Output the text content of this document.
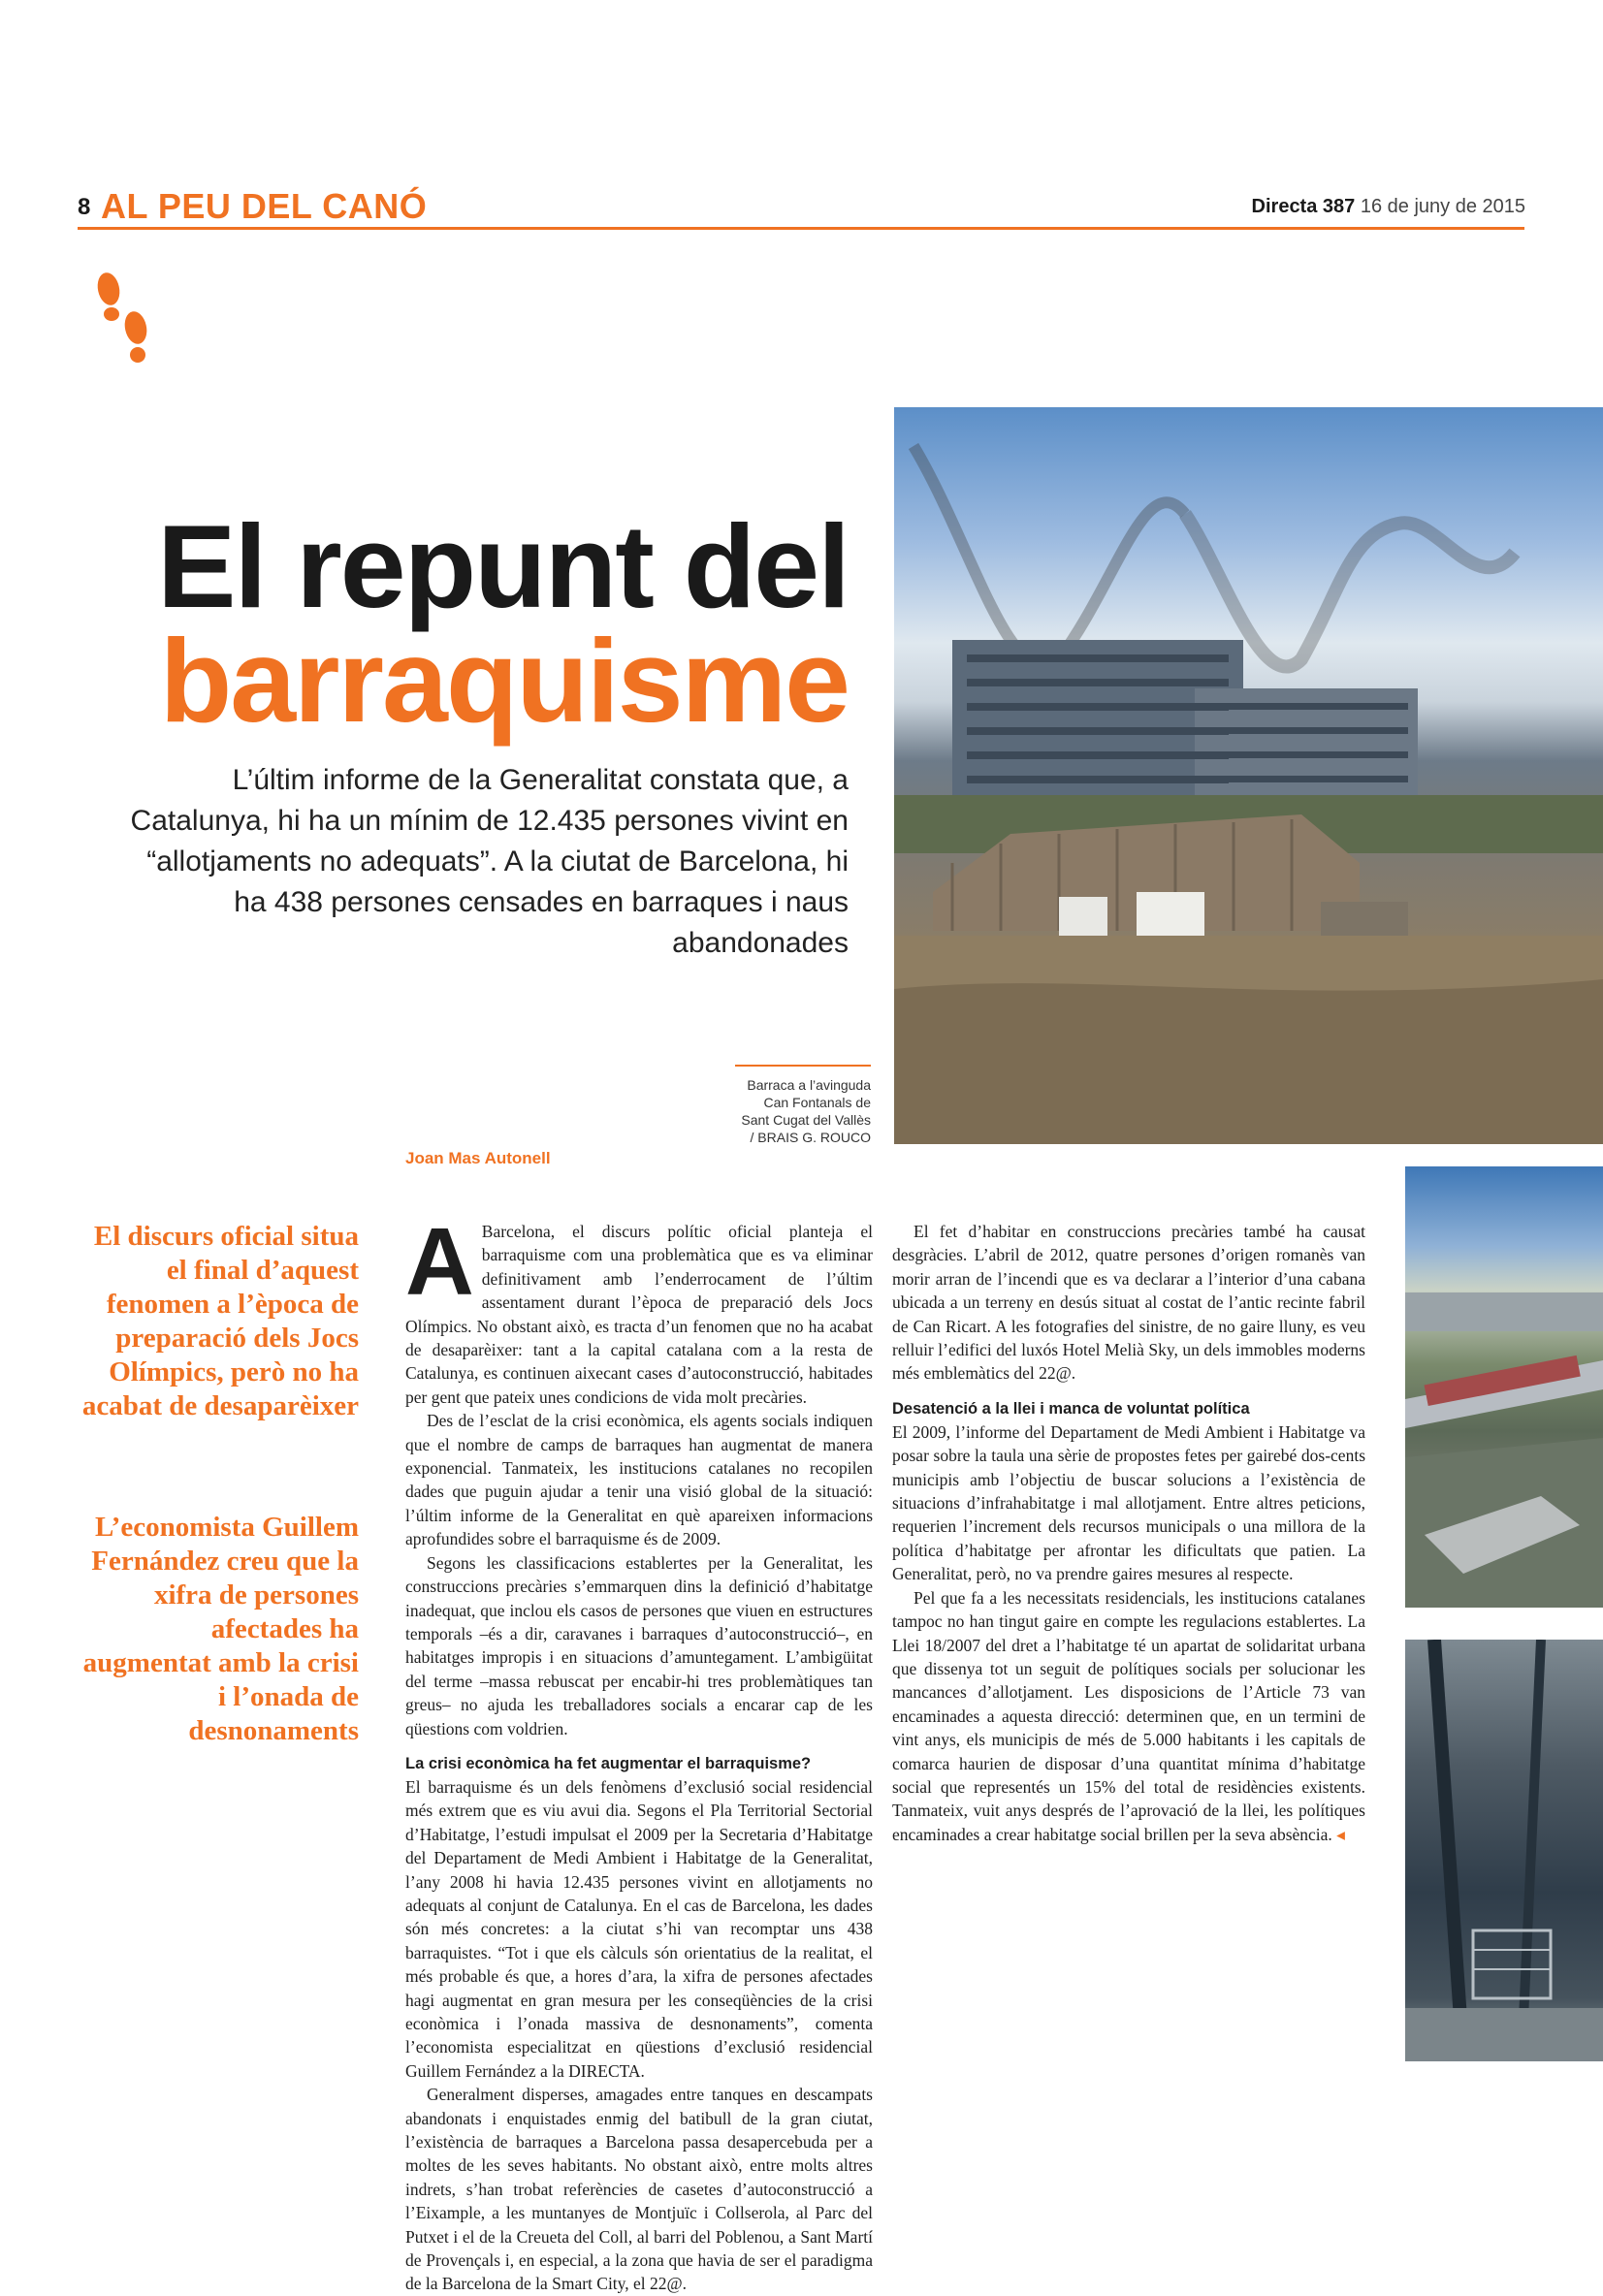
8 AL PEU DEL CANÓ	Directa 387 16 de juny de 2015
El repunt del
barraquisme
L’últim informe de la Generalitat constata que, a Catalunya, hi ha un mínim de 12.435 persones vivint en “allotjaments no adequats”. A la ciutat de Barcelona, hi ha 438 persones censades en barraques i naus abandonades
Barraca a l’avinguda
Can Fontanals de
Sant Cugat del Vallès
/ BRAIS G. ROUCO
Joan Mas Autonell
El discurs oficial situa el final d’aquest fenomen a l’època de preparació dels Jocs Olímpics, però no ha acabat de desaparèixer
L’economista Guillem Fernández creu que la xifra de persones afectades ha augmentat amb la crisi i l’onada de desnonaments

A Barcelona, el discurs polític oficial planteja el barraquisme com una problemàtica que es va eliminar definitivament amb l’enderrocament de l’últim assentament durant l’època de preparació dels Jocs Olímpics. No obstant això, es tracta d’un fenomen que no ha acabat de desaparèixer: tant a la capital catalana com a la resta de Catalunya, es continuen aixecant cases d’autoconstrucció, habitades per gent que pateix unes condicions de vida molt precàries.

Des de l’esclat de la crisi econòmica, els agents socials indiquen que el nombre de camps de barraques han augmentat de manera exponencial. Tanmateix, les institucions catalanes no recopilen dades que puguin ajudar a tenir una visió global de la situació: l’últim informe de la Generalitat en què apareixen informacions aprofundides sobre el barraquisme és de 2009.

Segons les classificacions establertes per la Generalitat, les construccions precàries s’emmarquen dins la definició d’habitatge inadequat, que inclou els casos de persones que viuen en estructures temporals –és a dir, caravanes i barraques d’autoconstrucció–, en habitatges impropis i en situacions d’amuntegament. L’ambigüitat del terme –massa rebuscat per encabir-hi tres problemàtiques tan greus– no ajuda les treballadores socials a encarar cap de les qüestions com voldrien.

La crisi econòmica ha fet augmentar el barraquisme?

El barraquisme és un dels fenòmens d’exclusió social residencial més extrem que es viu avui dia. Segons el Pla Territorial Sectorial d’Habitatge, l’estudi impulsat el 2009 per la Secretaria d’Habitatge del Departament de Medi Ambient i Habitatge de la Generalitat, l’any 2008 hi havia 12.435 persones vivint en allotjaments no adequats al conjunt de Catalunya. En el cas de Barcelona, les dades són més concretes: a la ciutat s’hi van recomptar uns 438 barraquistes. “Tot i que els càlculs són orientatius de la realitat, el més probable és que, a hores d’ara, la xifra de persones afectades hagi augmentat en gran mesura per les conseqüències de la crisi econòmica i l’onada massiva de desnonaments”, comenta l’economista especialitzat en qüestions d’exclusió residencial Guillem Fernández a la DIRECTA.

Generalment disperses, amagades entre tanques en descampats abandonats i enquistades enmig del batibull de la gran ciutat, l’existència de barraques a Barcelona passa desapercebuda per a moltes de les seves habitants. No obstant això, entre molts altres indrets, s’han trobat referències de casetes d’autoconstrucció a l’Eixample, a les muntanyes de Montjuïc i Collserola, al Parc del Putxet i el de la Creueta del Coll, al barri del Poblenou, a Sant Martí de Provençals i, en especial, a la zona que havia de ser el paradigma de la Barcelona de la Smart City, el 22@.

El fet d’habitar en construccions precàries també ha causat desgràcies. L’abril de 2012, quatre persones d’origen romanès van morir arran de l’incendi que es va declarar a l’interior d’una cabana ubicada a un terreny en desús situat al costat de l’antic recinte fabril de Can Ricart. A les fotografies del sinistre, de no gaire lluny, es veu relluir l’edifici del luxós Hotel Melià Sky, un dels immobles moderns més emblemàtics del 22@.

Desatenció a la llei i manca de voluntat política

El 2009, l’informe del Departament de Medi Ambient i Habitatge va posar sobre la taula una sèrie de propostes fetes per gairebé dos-cents municipis amb l’objectiu de buscar solucions a l’existència de situacions d’infrahabitatge i mal allotjament. Entre altres peticions, requerien l’increment dels recursos municipals o una millora de la política d’habitatge per afrontar les dificultats que patien. La Generalitat, però, no va prendre gaires mesures al respecte.

Pel que fa a les necessitats residencials, les institucions catalanes tampoc no han tingut gaire en compte les regulacions establertes. La Llei 18/2007 del dret a l’habitatge té un apartat de solidaritat urbana que dissenya tot un seguit de polítiques socials per solucionar les mancances d’allotjament. Les disposicions de l’Article 73 van encaminades a aquesta direcció: determinen que, en un termini de vint anys, els municipis de més de 5.000 habitants i les capitals de comarca haurien de disposar d’una quantitat mínima d’habitatge social que representés un 15% del total de residències existents. Tanmateix, vuit anys després de l’aprovació de la llei, les polítiques encaminades a crear habitatge social brillen per la seva absència. ◂
